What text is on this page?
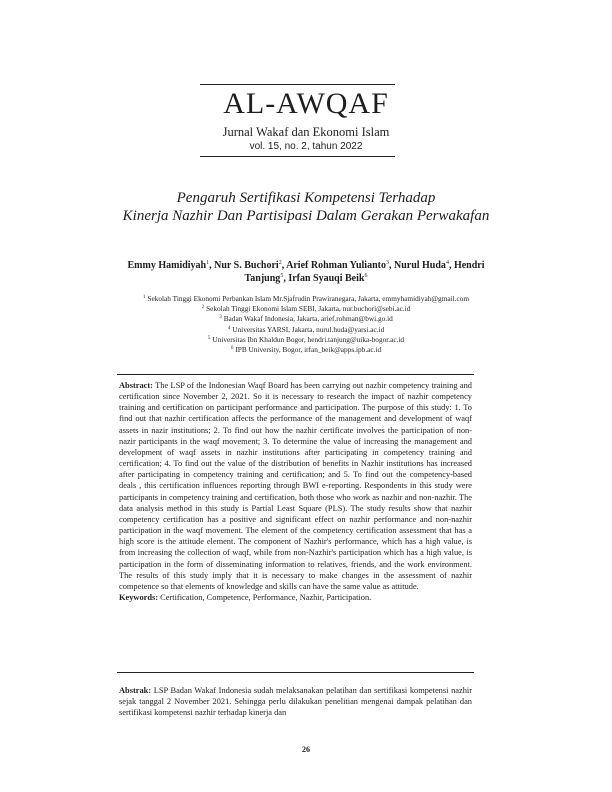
AL-AWQAF

Jurnal Wakaf dan Ekonomi Islam

vol. 15, no. 2, tahun 2022

Pengaruh Sertifikasi Kompetensi Terhadap

Kinerja Nazhir Dan Partisipasi Dalam Gerakan Perwakafan

Emmy Hamidiyah$^1$, Nur S. Buchori$^2$, Arief Rohman Yulianto$^3$, Nurul Huda$^4$, Hendri

Tanjung$^5$, Irfan Syauqi Beik$^6$

$^1$ Sekolah Tinggi Ekonomi Perbankan Islam Mr.Sjafrudin Prawiranegara, Jakarta, emmyhamidiyah@gmail.com
$^2$ Sekolah Tinggi Ekonomi Islam SEBI, Jakarta, nur.buchori@sebi.ac.id
$^3$ Badan Wakaf Indonesia, Jakarta, arief.rohman@bwi.go.id
$^4$ Universitas YARSI, Jakarta, nurul.huda@yarsi.ac.id
$^5$ Universitas Ibn Khaldun Bogor, hendri.tanjung@uika-bogor.ac.id
$^6$ IPB University, Bogor, irfan_beik@apps.ipb.ac.id

Abstract: The LSP of the Indonesian Waqf Board has been carrying out nazhir competency training and certification since November 2, 2021. So it is necessary to research the impact of nazhir competency training and certification on participant performance and participation. The purpose of this study: 1. To find out that nazhir certification affects the performance of the management and development of waqf assets in nazir institutions; 2. To find out how the nazhir certificate involves the participation of non-nazir participants in the waqf movement; 3. To determine the value of increasing the management and development of waqf assets in nazhir institutions after participating in competency training and certification; 4. To find out the value of the distribution of benefits in Nazhir institutions has increased after participating in competency training and certification; and 5. To find out the competency-based deals , this certification influences reporting through BWI e-reporting. Respondents in this study were participants in competency training and certification, both those who work as nazhir and non-nazhir. The data analysis method in this study is Partial Least Square (PLS). The study results show that nazhir competency certification has a positive and significant effect on nazhir performance and non-nazhir participation in the waqf movement. The element of the competency certification assessment that has a high score is the attitude element. The component of Nazhir's performance, which has a high value, is from increasing the collection of waqf, while from non-Nazhir's participation which has a high value, is participation in the form of disseminating information to relatives, friends, and the work environment. The results of this study imply that it is necessary to make changes in the assessment of nazhir competence so that elements of knowledge and skills can have the same value as attitude.
Keywords: Certification, Competence, Performance, Nazhir, Participation.

Abstrak: LSP Badan Wakaf Indonesia sudah melaksanakan pelatihan dan sertifikasi kompetensi nazhir sejak tanggal 2 November 2021. Sehingga perlu dilakukan penelitian mengenai dampak pelatihan dan sertifikasi kompetensi nazhir terhadap kinerja dan

26
